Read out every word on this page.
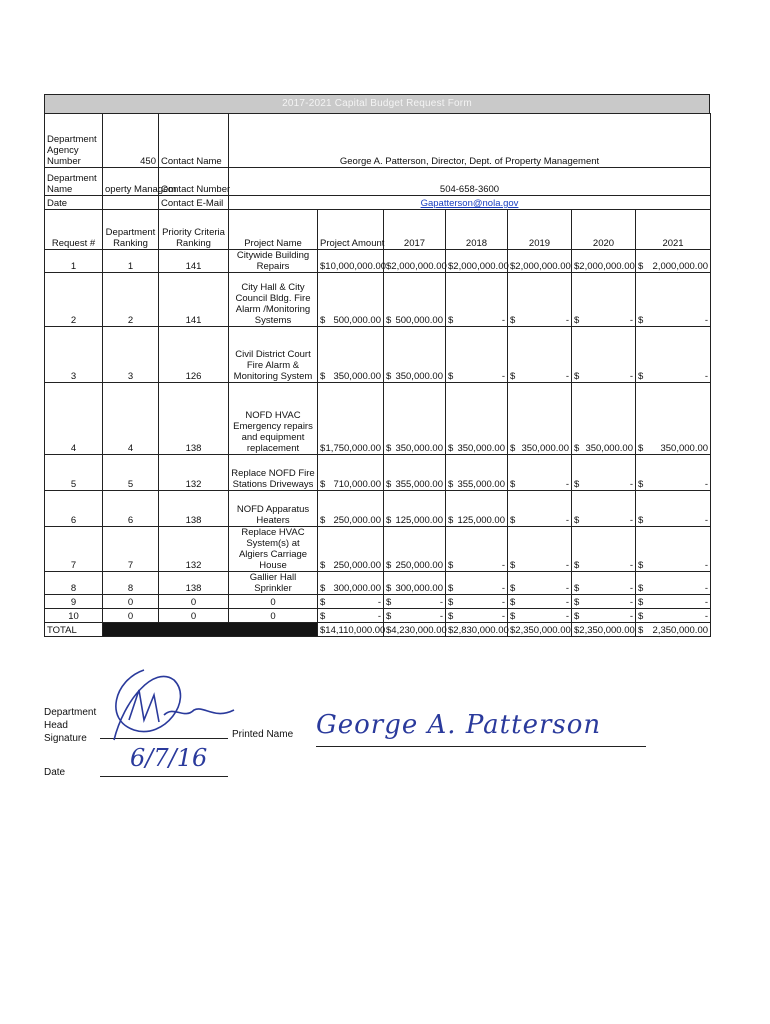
2017-2021 Capital Budget Request Form
Department Agency Number	450	Contact Name	George A. Patterson, Director, Dept. of Property Management						
Department Name	operty Managem	Contact Number	504-658-3600						
Date		Contact E-Mail	Gapatterson@nola.gov						
Request #	Department Ranking	Priority Criteria Ranking	Project Name	Project Amount	2017	2018	2019	2020	2021
1	1	141	Citywide Building Repairs	$ 10,000,000.00	$ 2,000,000.00	$ 2,000,000.00	$ 2,000,000.00	$ 2,000,000.00	$ 2,000,000.00

2	2	141	City Hall & City Council Bldg. Fire Alarm /Monitoring Systems	$ 500,000.00	$ 500,000.00	$ -	$ -	$ -	$ -

3	3	126	Civil District Court Fire Alarm & Monitoring System	$ 350,000.00	$ 350,000.00	$ -	$ -	$ -	$ -

4	4	138	NOFD HVAC Emergency repairs and equipment replacement	$ 1,750,000.00	$ 350,000.00	$ 350,000.00	$ 350,000.00	$ 350,000.00	$ 350,000.00

5	5	132	Replace NOFD Fire Stations Driveways	$ 710,000.00	$ 355,000.00	$ 355,000.00	$ -	$ -	$ -

6	6	138	NOFD Apparatus Heaters	$ 250,000.00	$ 125,000.00	$ 125,000.00	$ -	$ -	$ -

7	7	132	Replace HVAC System(s) at Algiers Carriage House	$ 250,000.00	$ 250,000.00	$ -	$ -	$ -	$ -

8	8	138	Gallier Hall Sprinkler	$ 300,000.00	$ 300,000.00	$ -	$ -	$ -	$ -

9	0	0	0	$ -	$ -	$ -	$ -	$ -	$ -

10	0	0	0	$ -	$ -	$ -	$ -	$ -	$ -

TOTAL				$ 14,110,000.00	$ 4,230,000.00	$ 2,830,000.00	$ 2,350,000.00	$ 2,350,000.00	$ 2,350,000.00
Department Head Signature	Printed Name
Date
George A. Patterson
6/7/16
